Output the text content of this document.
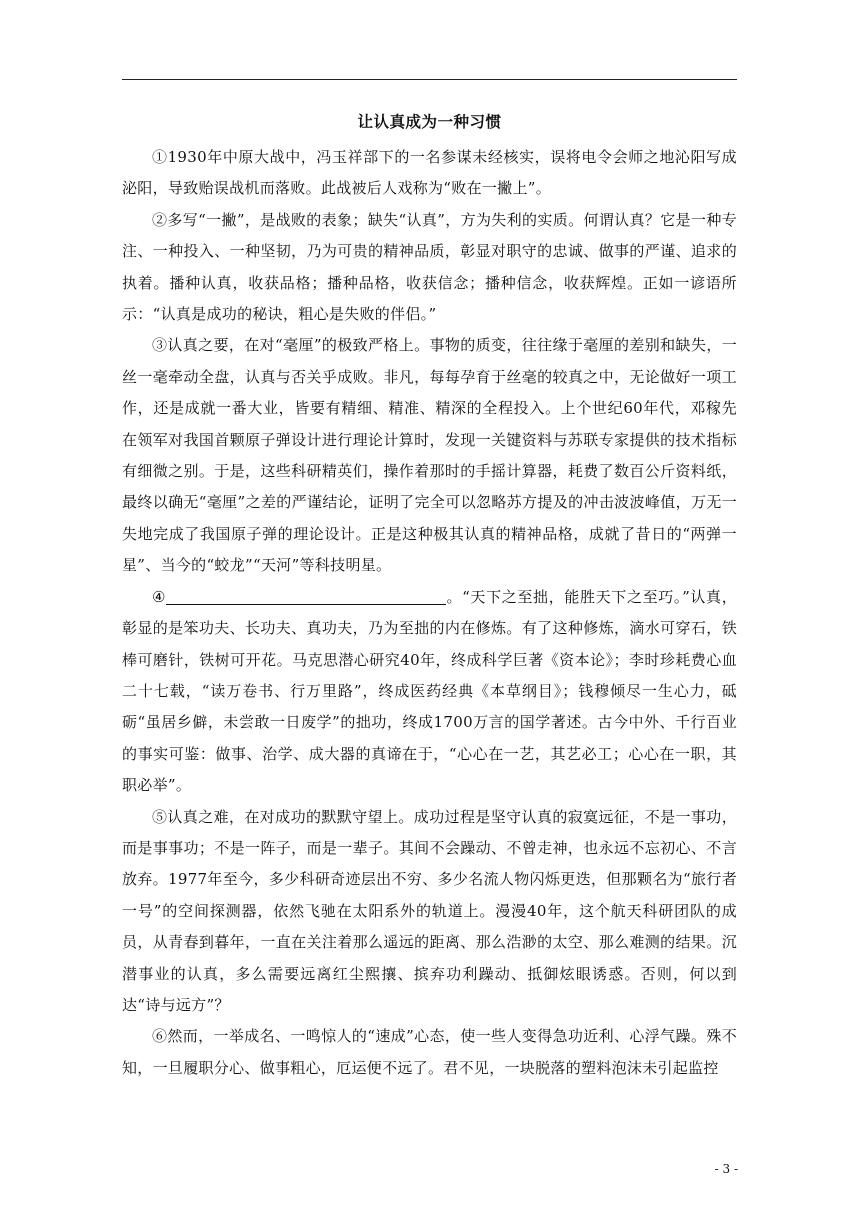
让认真成为一种习惯

①1930年中原大战中，冯玉祥部下的一名参谋未经核实，误将电令会师之地沁阳写成泌阳，导致贻误战机而落败。此战被后人戏称为“败在一撇上”。

②多写“一撇”，是战败的表象；缺失“认真”，方为失利的实质。何谓认真？它是一种专注、一种投入、一种坚韧，乃为可贵的精神品质，彰显对职守的忠诚、做事的严谨、追求的执着。播种认真，收获品格；播种品格，收获信念；播种信念，收获辉煌。正如一谚语所示：“认真是成功的秘诀，粗心是失败的伴侣。”

③认真之要，在对“毫厘”的极致严格上。事物的质变，往往缘于毫厘的差别和缺失，一丝一毫牵动全盘，认真与否关乎成败。非凡，每每孕育于丝毫的较真之中，无论做好一项工作，还是成就一番大业，皆要有精细、精准、精深的全程投入。上个世纪60年代，邓稼先在领军对我国首颗原子弹设计进行理论计算时，发现一关键资料与苏联专家提供的技术指标有细微之别。于是，这些科研精英们，操作着那时的手摇计算器，耗费了数百公斤资料纸，最终以确无“毫厘”之差的严谨结论，证明了完全可以忽略苏方提及的冲击波波峰值，万无一失地完成了我国原子弹的理论设计。正是这种极其认真的精神品格，成就了昔日的“两弹一星”、当今的“蛟龙”“天河”等科技明星。

④	。“天下之至拙，能胜天下之至巧。”认真，彰显的是笨功夫、长功夫、真功夫，乃为至拙的内在修炼。有了这种修炼，滴水可穿石，铁棒可磨针，铁树可开花。马克思潜心研究40年，终成科学巨著《资本论》；李时珍耗费心血二十七载，“读万卷书、行万里路”，终成医药经典《本草纲目》；钱穆倾尽一生心力，砥砺“虽居乡僻，未尝敢一日废学”的拙功，终成1700万言的国学著述。古今中外、千行百业的事实可鉴：做事、治学、成大器的真谛在于，“心心在一艺，其艺必工；心心在一职，其职必举”。

⑤认真之难，在对成功的默默守望上。成功过程是坚守认真的寂寞远征，不是一事功，而是事事功；不是一阵子，而是一辈子。其间不会躁动、不曾走神，也永远不忘初心、不言放弃。1977年至今，多少科研奇迹层出不穷、多少名流人物闪烁更迭，但那颗名为“旅行者一号”的空间探测器，依然飞驰在太阳系外的轨道上。漫漫40年，这个航天科研团队的成员，从青春到暮年，一直在关注着那么遥远的距离、那么浩渺的太空、那么难测的结果。沉潜事业的认真，多么需要远离红尘熙攘、摈弃功利躁动、抵御炫眼诱惑。否则，何以到达“诗与远方”？

⑥然而，一举成名、一鸣惊人的“速成”心态，使一些人变得急功近利、心浮气躁。殊不知，一旦履职分心、做事粗心，厄运便不远了。君不见，一块脱落的塑料泡沫未引起监控

- 3 -
